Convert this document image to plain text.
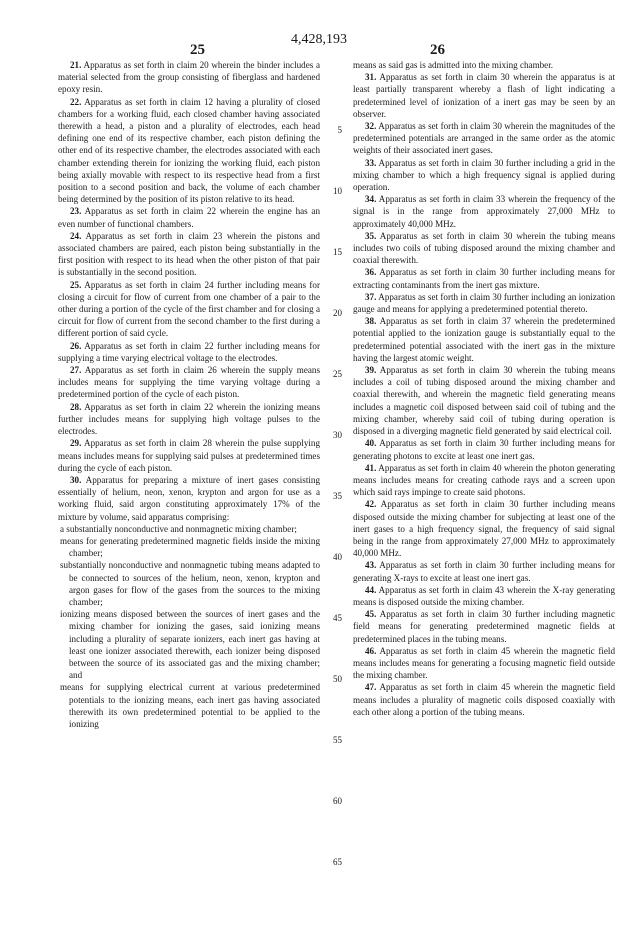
4,428,193
25	26

21. Apparatus as set forth in claim 20 wherein the binder includes a material selected from the group consisting of fiberglass and hardened epoxy resin.

22. Apparatus as set forth in claim 12 having a plurality of closed chambers for a working fluid, each closed chamber having associated therewith a head, a piston and a plurality of electrodes, each head defining one end of its respective chamber, each piston defining the other end of its respective chamber, the electrodes associated with each chamber extending therein for ionizing the working fluid, each piston being axially movable with respect to its respective head from a first position to a second position and back, the volume of each chamber being determined by the position of its piston relative to its head.

23. Apparatus as set forth in claim 22 wherein the engine has an even number of functional chambers.

24. Apparatus as set forth in claim 23 wherein the pistons and associated chambers are paired, each piston being substantially in the first position with respect to its head when the other piston of that pair is substantially in the second position.

25. Apparatus as set forth in claim 24 further including means for closing a circuit for flow of current from one chamber of a pair to the other during a portion of the cycle of the first chamber and for closing a circuit for flow of current from the second chamber to the first during a different portion of said cycle.

26. Apparatus as set forth in claim 22 further including means for supplying a time varying electrical voltage to the electrodes.

27. Apparatus as set forth in claim 26 wherein the supply means includes means for supplying the time varying voltage during a predetermined portion of the cycle of each piston.

28. Apparatus as set forth in claim 22 wherein the ionizing means further includes means for supplying high voltage pulses to the electrodes.

29. Apparatus as set forth in claim 28 wherein the pulse supplying means includes means for supplying said pulses at predetermined times during the cycle of each piston.

30. Apparatus for preparing a mixture of inert gases consisting essentially of helium, neon, xenon, krypton and argon for use as a working fluid, said argon constituting approximately 17% of the mixture by volume, said apparatus comprising:

a substantially nonconductive and nonmagnetic mixing chamber;

means for generating predetermined magnetic fields inside the mixing chamber;

substantially nonconductive and nonmagnetic tubing means adapted to be connected to sources of the helium, neon, xenon, krypton and argon gases for flow of the gases from the sources to the mixing chamber;

ionizing means disposed between the sources of inert gases and the mixing chamber for ionizing the gases, said ionizing means including a plurality of separate ionizers, each inert gas having at least one ionizer associated therewith, each ionizer being disposed between the source of its associated gas and the mixing chamber; and

means for supplying electrical current at various predetermined potentials to the ionizing means, each inert gas having associated therewith its own predetermined potential to be applied to the ionizing

5
10
15
20
25
30
35
40
45
50
55
60
65

means as said gas is admitted into the mixing chamber.

31. Apparatus as set forth in claim 30 wherein the apparatus is at least partially transparent whereby a flash of light indicating a predetermined level of ionization of a inert gas may be seen by an observer.

32. Apparatus as set forth in claim 30 wherein the magnitudes of the predetermined potentials are arranged in the same order as the atomic weights of their associated inert gases.

33. Apparatus as set forth in claim 30 further including a grid in the mixing chamber to which a high frequency signal is applied during operation.

34. Apparatus as set forth in claim 33 wherein the frequency of the signal is in the range from approximately 27,000 MHz to approximately 40,000 MHz.

35. Apparatus as set forth in claim 30 wherein the tubing means includes two coils of tubing disposed around the mixing chamber and coaxial therewith.

36. Apparatus as set forth in claim 30 further including means for extracting contaminants from the inert gas mixture.

37. Apparatus as set forth in claim 30 further including an ionization gauge and means for applying a predetermined potential thereto.

38. Apparatus as set forth in claim 37 wherein the predetermined potential applied to the ionization gauge is substantially equal to the predetermined potential associated with the inert gas in the mixture having the largest atomic weight.

39. Apparatus as set forth in claim 30 wherein the tubing means includes a coil of tubing disposed around the mixing chamber and coaxial therewith, and wherein the magnetic field generating means includes a magnetic coil disposed between said coil of tubing and the mixing chamber, whereby said coil of tubing during operation is disposed in a diverging magnetic field generated by said electrical coil.

40. Apparatus as set forth in claim 30 further including means for generating photons to excite at least one inert gas.

41. Apparatus as set forth in claim 40 wherein the photon generating means includes means for creating cathode rays and a screen upon which said rays impinge to create said photons.

42. Apparatus as set forth in claim 30 further including means disposed outside the mixing chamber for subjecting at least one of the inert gases to a high frequency signal, the frequency of said signal being in the range from approximately 27,000 MHz to approximately 40,000 MHz.

43. Apparatus as set forth in claim 30 further including means for generating X-rays to excite at least one inert gas.

44. Apparatus as set forth in claim 43 wherein the X-ray generating means is disposed outside the mixing chamber.

45. Apparatus as set forth in claim 30 further including magnetic field means for generating predetermined magnetic fields at predetermined places in the tubing means.

46. Apparatus as set forth in claim 45 wherein the magnetic field means includes means for generating a focusing magnetic field outside the mixing chamber.

47. Apparatus as set forth in claim 45 wherein the magnetic field means includes a plurality of magnetic coils disposed coaxially with each other along a portion of the tubing means.
